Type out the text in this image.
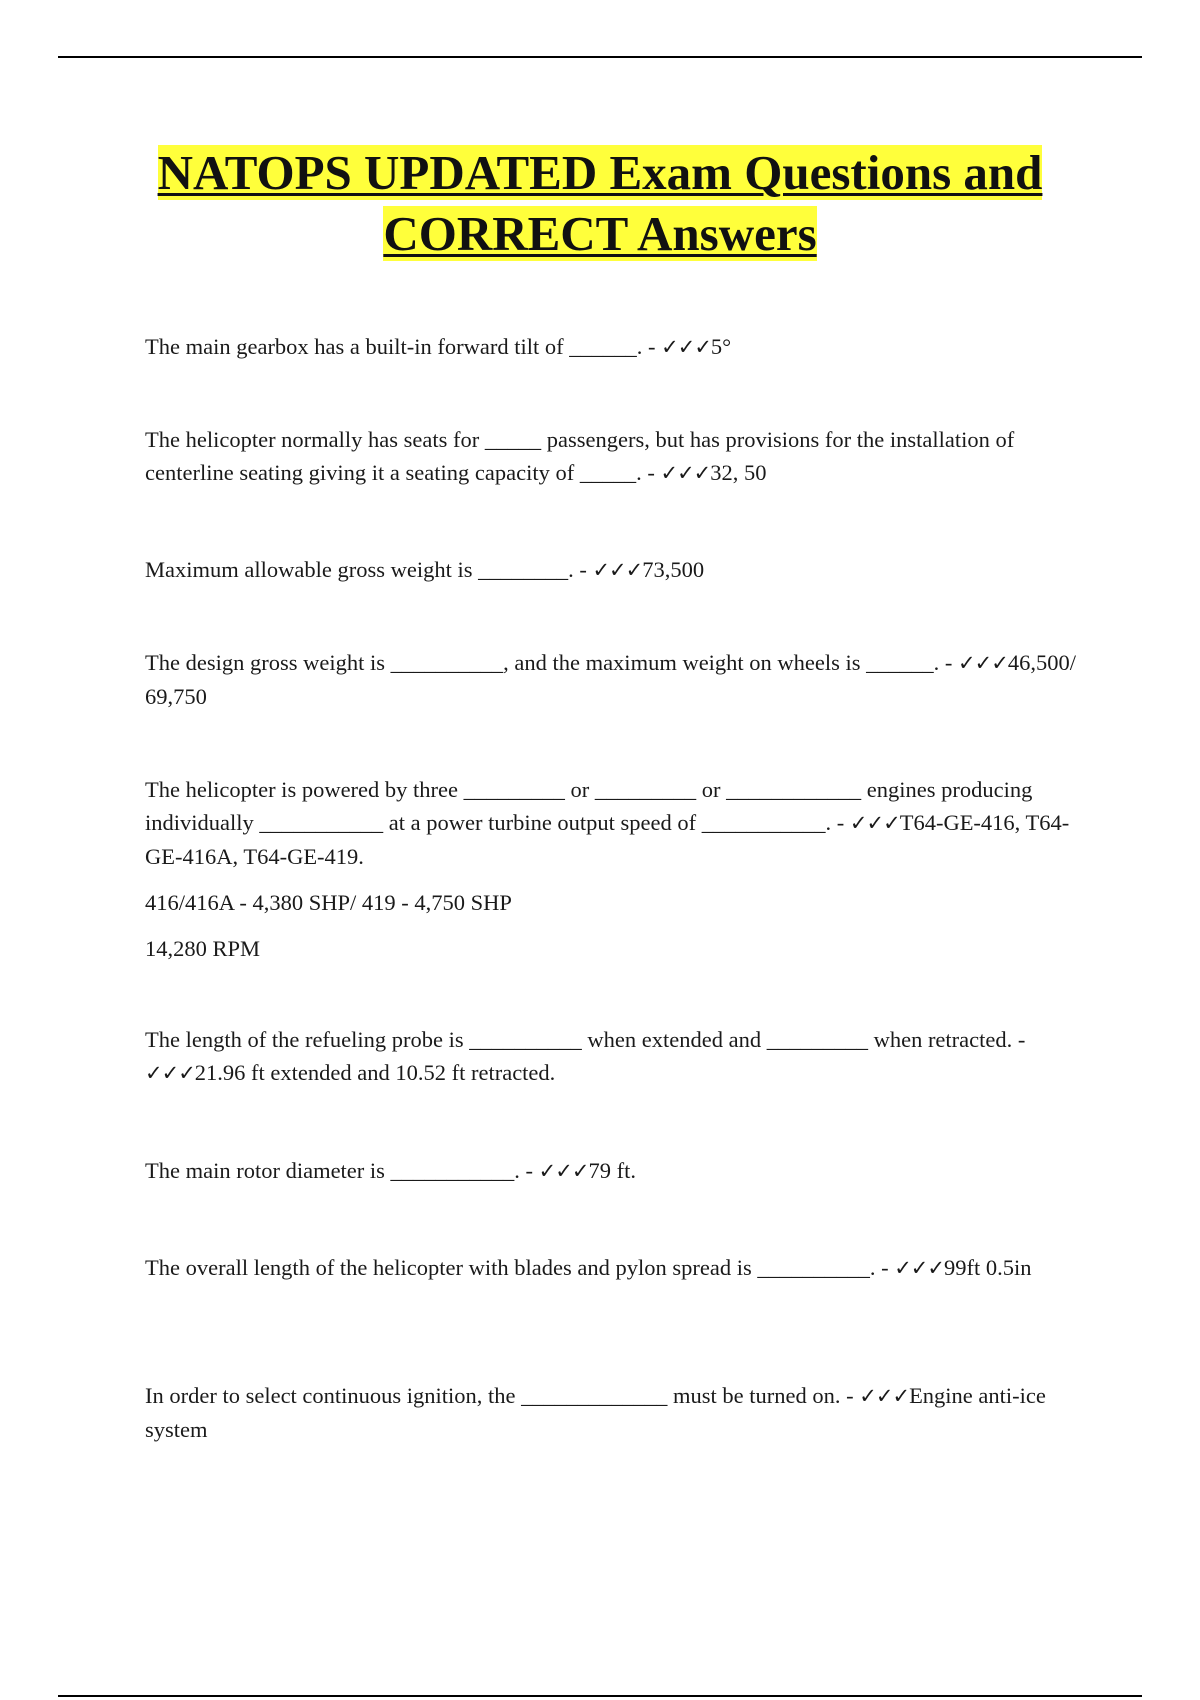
NATOPS UPDATED Exam Questions and
CORRECT Answers

The main gearbox has a built-in forward tilt of ______. - ✓✓✓5°

The helicopter normally has seats for _____ passengers, but has provisions for the installation of centerline seating giving it a seating capacity of _____. - ✓✓✓32, 50

Maximum allowable gross weight is ________. - ✓✓✓73,500

The design gross weight is __________, and the maximum weight on wheels is ______. - ✓✓✓46,500/ 69,750

The helicopter is powered by three _________ or _________ or ____________ engines producing individually ___________ at a power turbine output speed of ___________. - ✓✓✓T64-GE-416, T64-GE-416A, T64-GE-419.

416/416A - 4,380 SHP/ 419 - 4,750 SHP

14,280 RPM

The length of the refueling probe is __________ when extended and _________ when retracted. - ✓✓✓21.96 ft extended and 10.52 ft retracted.

The main rotor diameter is ___________. - ✓✓✓79 ft.

The overall length of the helicopter with blades and pylon spread is __________. - ✓✓✓99ft 0.5in

In order to select continuous ignition, the _____________ must be turned on. - ✓✓✓Engine anti-ice system
